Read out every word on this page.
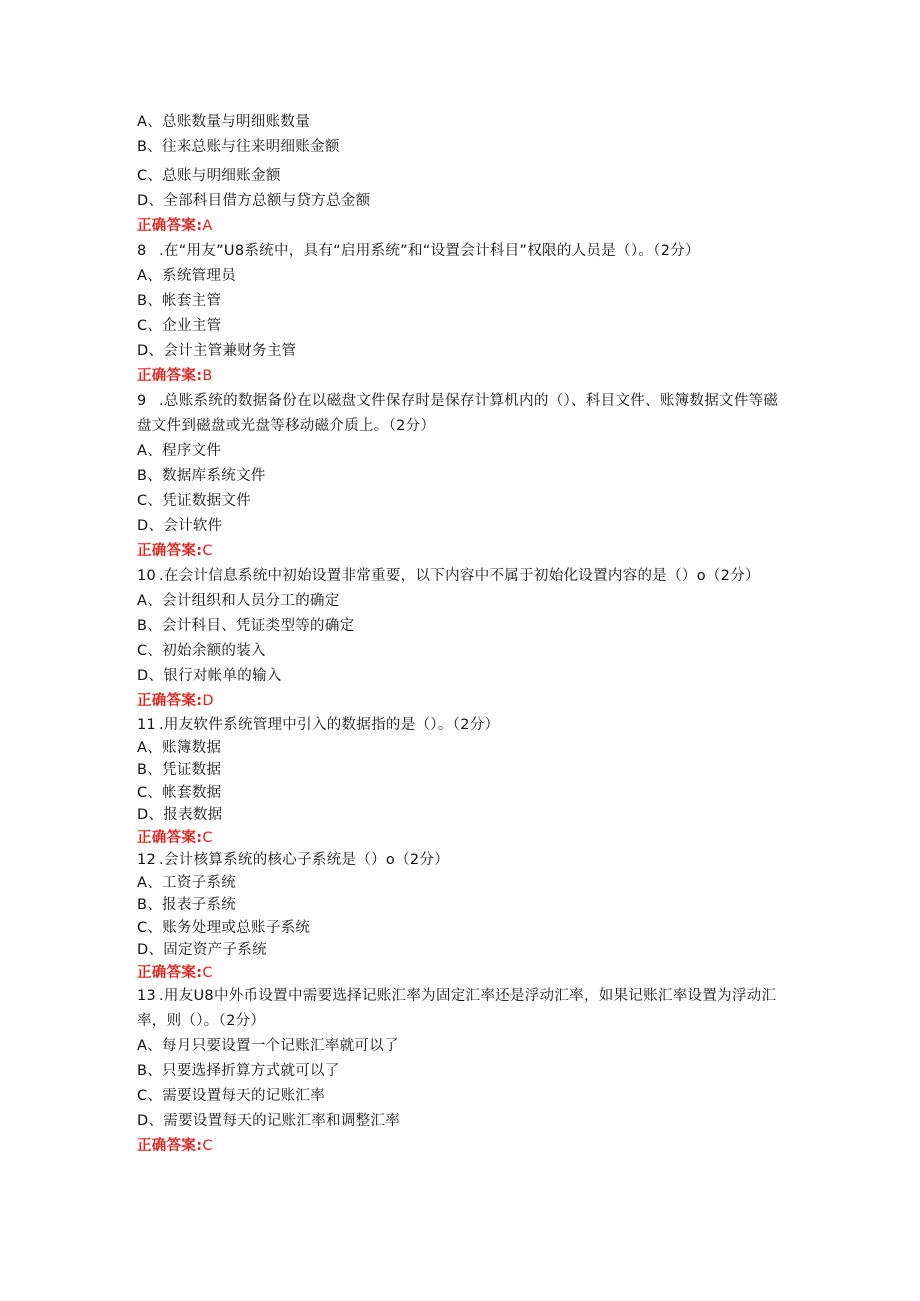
A、总账数量与明细账数量
B、往来总账与往来明细账金额
C、总账与明细账金额
D、全部科目借方总额与贷方总金额
正确答案:A
8 .在“用友”U8系统中，具有“启用系统”和“设置会计科目”权限的人员是（）。（2分）
A、系统管理员
B、帐套主管
C、企业主管
D、会计主管兼财务主管
正确答案:B
9 .总账系统的数据备份在以磁盘文件保存时是保存计算机内的（）、科目文件、账簿数据文件等磁盘文件到磁盘或光盘等移动磁介质上。（2分）
A、程序文件
B、数据库系统文件
C、凭证数据文件
D、会计软件
正确答案:C
10 .在会计信息系统中初始设置非常重要，以下内容中不属于初始化设置内容的是（）o（2分）
A、会计组织和人员分工的确定
B、会计科目、凭证类型等的确定
C、初始余额的装入
D、银行对帐单的输入
正确答案:D
11 .用友软件系统管理中引入的数据指的是（）。（2分）
A、账簿数据
B、凭证数据
C、帐套数据
D、报表数据
正确答案:C
12 .会计核算系统的核心子系统是（）o（2分）
A、工资子系统
B、报表子系统
C、账务处理或总账子系统
D、固定资产子系统
正确答案:C
13 .用友U8中外币设置中需要选择记账汇率为固定汇率还是浮动汇率，如果记账汇率设置为浮动汇率，则（）。（2分）
A、每月只要设置一个记账汇率就可以了
B、只要选择折算方式就可以了
C、需要设置每天的记账汇率
D、需要设置每天的记账汇率和调整汇率
正确答案:C
